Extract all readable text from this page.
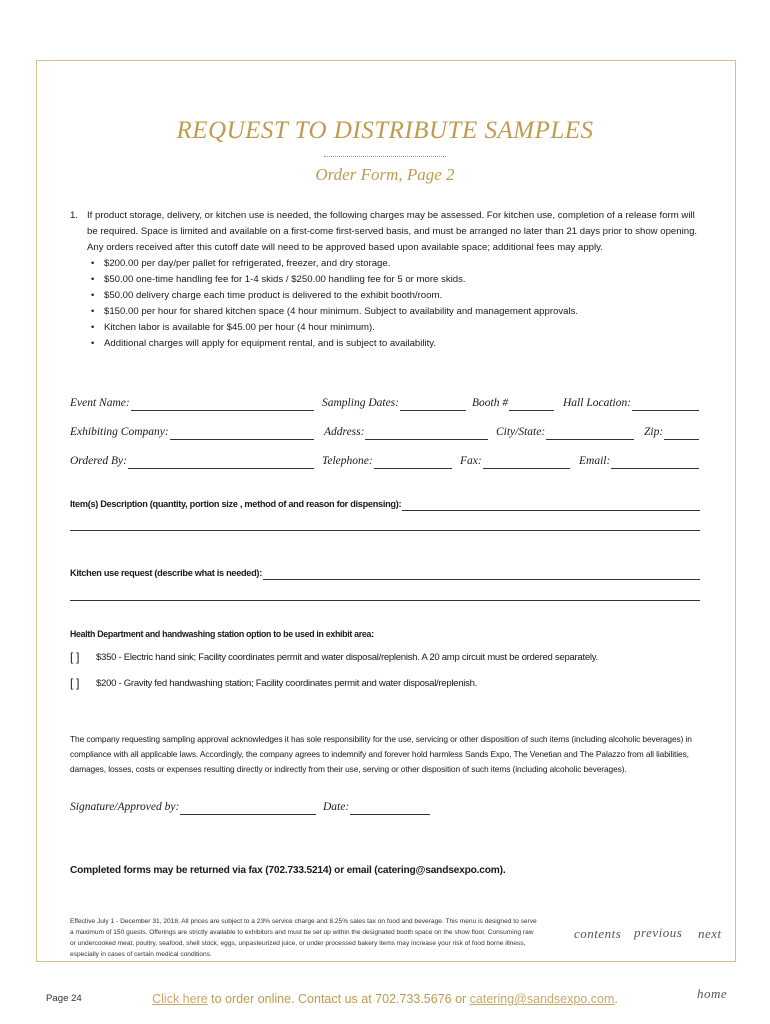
REQUEST TO DISTRIBUTE SAMPLES
Order Form, Page 2
1. If product storage, delivery, or kitchen use is needed, the following charges may be assessed. For kitchen use, completion of a release form will be required. Space is limited and available on a first-come first-served basis, and must be arranged no later than 21 days prior to show opening. Any orders received after this cutoff date will need to be approved based upon available space; additional fees may apply.
• $200.00 per day/per pallet for refrigerated, freezer, and dry storage.
• $50.00 one-time handling fee for 1-4 skids / $250.00 handling fee for 5 or more skids.
• $50.00 delivery charge each time product is delivered to the exhibit booth/room.
• $150.00 per hour for shared kitchen space (4 hour minimum. Subject to availability and management approvals.
• Kitchen labor is available for $45.00 per hour (4 hour minimum).
• Additional charges will apply for equipment rental, and is subject to availability.
Event Name:	Sampling Dates:	Booth #	Hall Location:
Exhibiting Company:	Address:	City/State:	Zip:
Ordered By:	Telephone:	Fax:	Email:
Item(s) Description (quantity, portion size , method of and reason for dispensing):
Kitchen use request (describe what is needed):
Health Department and handwashing station option to be used in exhibit area:
[ ]	$350 - Electric hand sink; Facility coordinates permit and water disposal/replenish. A 20 amp circuit must be ordered separately.
[ ]	$200 - Gravity fed handwashing station; Facility coordinates permit and water disposal/replenish.
The company requesting sampling approval acknowledges it has sole responsibility for the use, servicing or other disposition of such items (including alcoholic beverages) in compliance with all applicable laws. Accordingly, the company agrees to indemnify and forever hold harmless Sands Expo, The Venetian and The Palazzo from all liabilities, damages, losses, costs or expenses resulting directly or indirectly from their use, serving or other disposition of such items (including alcoholic beverages).
Signature/Approved by:	Date:
Completed forms may be returned via fax (702.733.5214) or email (catering@sandsexpo.com).
Effective July 1 - December 31, 2018. All prices are subject to a 23% service charge and 8.25% sales tax on food and beverage. This menu is designed to serve a maximum of 150 guests. Offerings are strictly available to exhibitors and must be set up within the designated booth space on the show floor. Consuming raw or undercooked meat, poultry, seafood, shell stock, eggs, unpasteurized juice, or under processed bakery items may increase your risk of food borne illness, especially in cases of certain medical conditions.
contents previous next
home
Page 24	Click here to order online. Contact us at 702.733.5676 or catering@sandsexpo.com.
